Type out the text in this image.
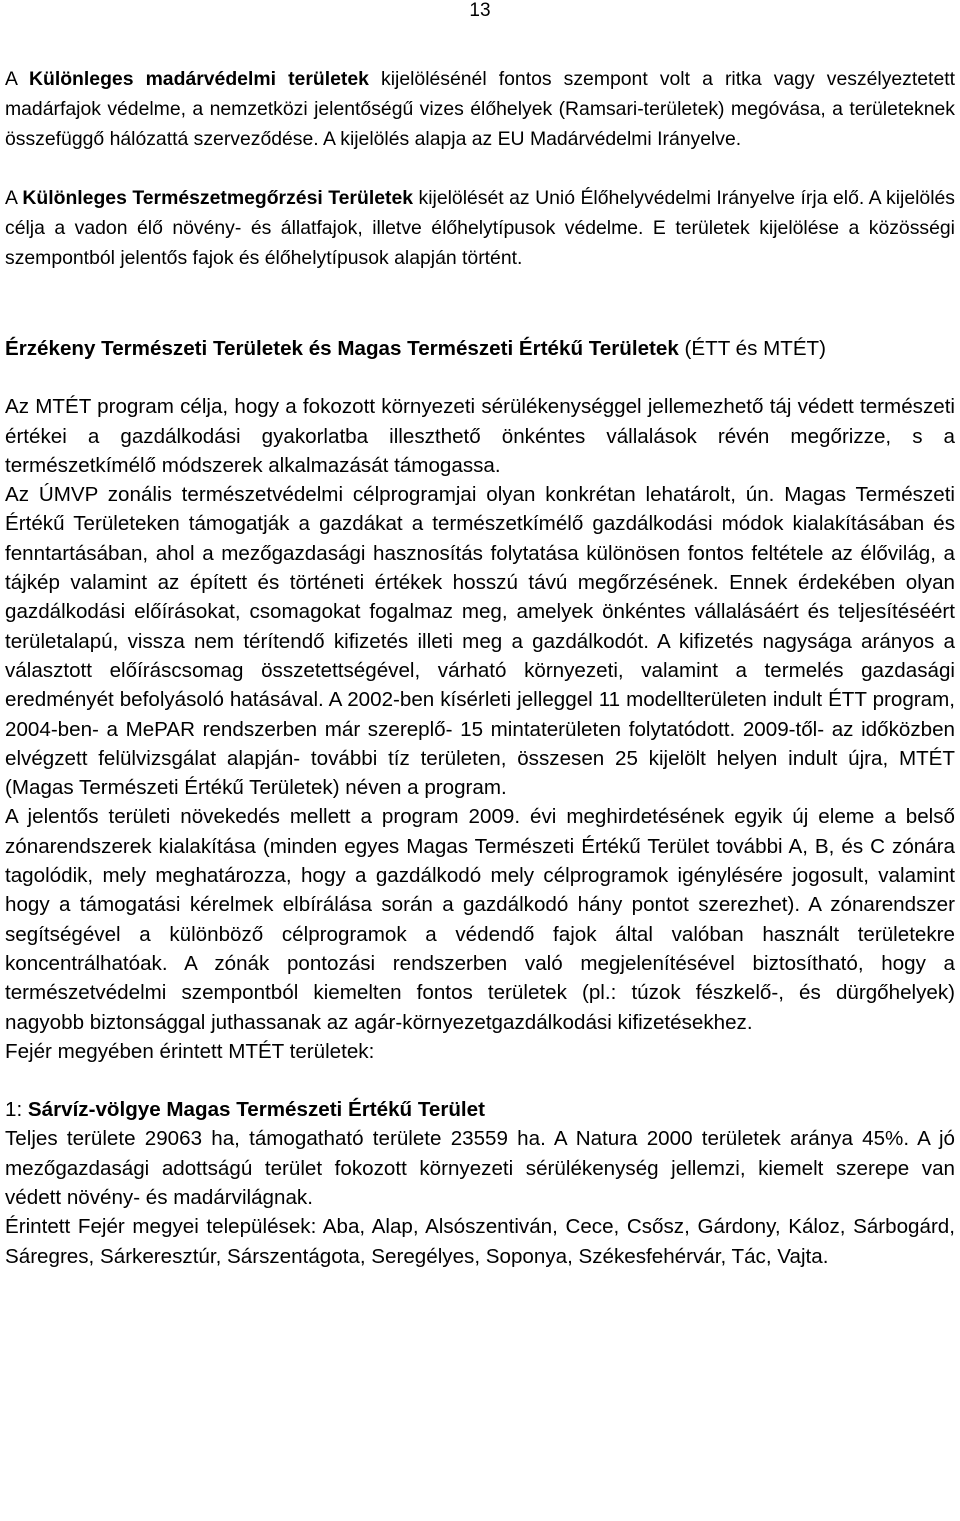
13

A Különleges madárvédelmi területek kijelölésénél fontos szempont volt a ritka vagy veszélyeztetett madárfajok védelme, a nemzetközi jelentőségű vizes élőhelyek (Ramsari-területek) megóvása, a területeknek összefüggő hálózattá szerveződése. A kijelölés alapja az EU Madárvédelmi Irányelve.

A Különleges Természetmegőrzési Területek kijelölését az Unió Élőhelyvédelmi Irányelve írja elő. A kijelölés célja a vadon élő növény- és állatfajok, illetve élőhelytípusok védelme. E területek kijelölése a közösségi szempontból jelentős fajok és élőhelytípusok alapján történt.

Érzékeny Természeti Területek és Magas Természeti Értékű Területek (ÉTT és MTÉT)

Az MTÉT program célja, hogy a fokozott környezeti sérülékenységgel jellemezhető táj védett természeti értékei a gazdálkodási gyakorlatba illeszthető önkéntes vállalások révén megőrizze, s a természetkímélő módszerek alkalmazását támogassa.

Az ÚMVP zonális természetvédelmi célprogramjai olyan konkrétan lehatárolt, ún. Magas Természeti Értékű Területeken támogatják a gazdákat a természetkímélő gazdálkodási módok kialakításában és fenntartásában, ahol a mezőgazdasági hasznosítás folytatása különösen fontos feltétele az élővilág, a tájkép valamint az épített és történeti értékek hosszú távú megőrzésének. Ennek érdekében olyan gazdálkodási előírásokat, csomagokat fogalmaz meg, amelyek önkéntes vállalásáért és teljesítéséért területalapú, vissza nem térítendő kifizetés illeti meg a gazdálkodót. A kifizetés nagysága arányos a választott előíráscsomag összetettségével, várható környezeti, valamint a termelés gazdasági eredményét befolyásoló hatásával. A 2002-ben kísérleti jelleggel 11 modellterületen indult ÉTT program, 2004-ben- a MePAR rendszerben már szereplő- 15 mintaterületen folytatódott. 2009-től- az időközben elvégzett felülvizsgálat alapján- további tíz területen, összesen 25 kijelölt helyen indult újra, MTÉT (Magas Természeti Értékű Területek) néven a program.

A jelentős területi növekedés mellett a program 2009. évi meghirdetésének egyik új eleme a belső zónarendszerek kialakítása (minden egyes Magas Természeti Értékű Terület további A, B, és C zónára tagolódik, mely meghatározza, hogy a gazdálkodó mely célprogramok igénylésére jogosult, valamint hogy a támogatási kérelmek elbírálása során a gazdálkodó hány pontot szerezhet). A zónarendszer segítségével a különböző célprogramok a védendő fajok által valóban használt területekre koncentrálhatóak. A zónák pontozási rendszerben való megjelenítésével biztosítható, hogy a természetvédelmi szempontból kiemelten fontos területek (pl.: túzok fészkelő-, és dürgőhelyek) nagyobb biztonsággal juthassanak az agár-környezetgazdálkodási kifizetésekhez.

Fejér megyében érintett MTÉT területek:

1: Sárvíz-völgye Magas Természeti Értékű Terület

Teljes területe 29063 ha, támogatható területe 23559 ha. A Natura 2000 területek aránya 45%. A jó mezőgazdasági adottságú terület fokozott környezeti sérülékenység jellemzi, kiemelt szerepe van védett növény- és madárvilágnak.

Érintett Fejér megyei települések: Aba, Alap, Alsószentiván, Cece, Csősz, Gárdony, Káloz, Sárbogárd, Sáregres, Sárkeresztúr, Sárszentágota, Seregélyes, Soponya, Székesfehérvár, Tác, Vajta.
